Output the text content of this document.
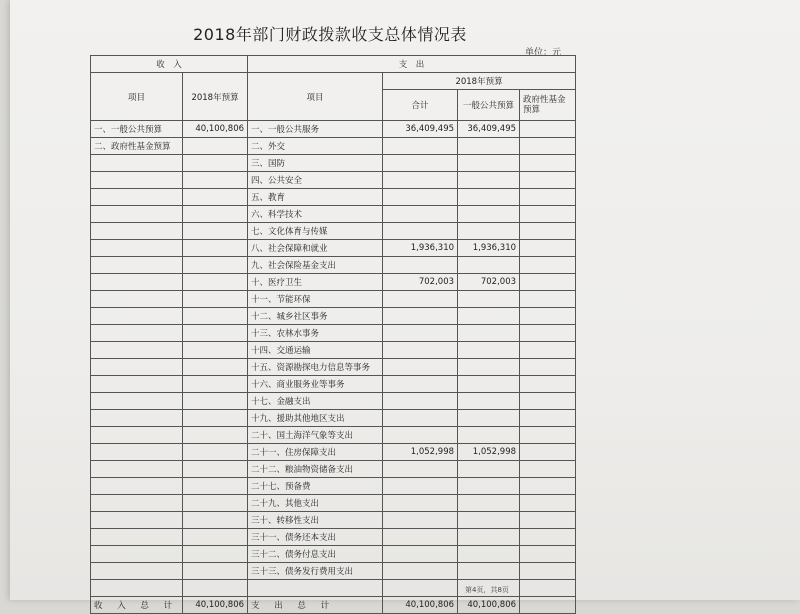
2018年部门财政拨款收支总体情况表
单位：元
收　入		支　出			
项目	2018年预算	项目	2018年预算		
			合计	一般公共预算	政府性基金预算
一、一般公共预算	40,100,806	一、一般公共服务	36,409,495	36,409,495	
二、政府性基金预算		二、外交			
		三、国防			
		四、公共安全			
		五、教育			
		六、科学技术			
		七、文化体育与传媒			
		八、社会保障和就业	1,936,310	1,936,310	
		九、社会保险基金支出			
		十、医疗卫生	702,003	702,003	
		十一、节能环保			
		十二、城乡社区事务			
		十三、农林水事务			
		十四、交通运输			
		十五、资源勘探电力信息等事务			
		十六、商业服务业等事务			
		十七、金融支出			
		十九、援助其他地区支出			
		二十、国土海洋气象等支出			
		二十一、住房保障支出	1,052,998	1,052,998	
		二十二、粮油物资储备支出			
		二十七、预备费			
		二十九、其他支出			
		三十、转移性支出			
		三十一、债务还本支出			
		三十二、债务付息支出			
		三十三、债务发行费用支出			

收 入 总 计	40,100,806	支 出 总 计	40,100,806	40,100,806	
第4页，共8页
